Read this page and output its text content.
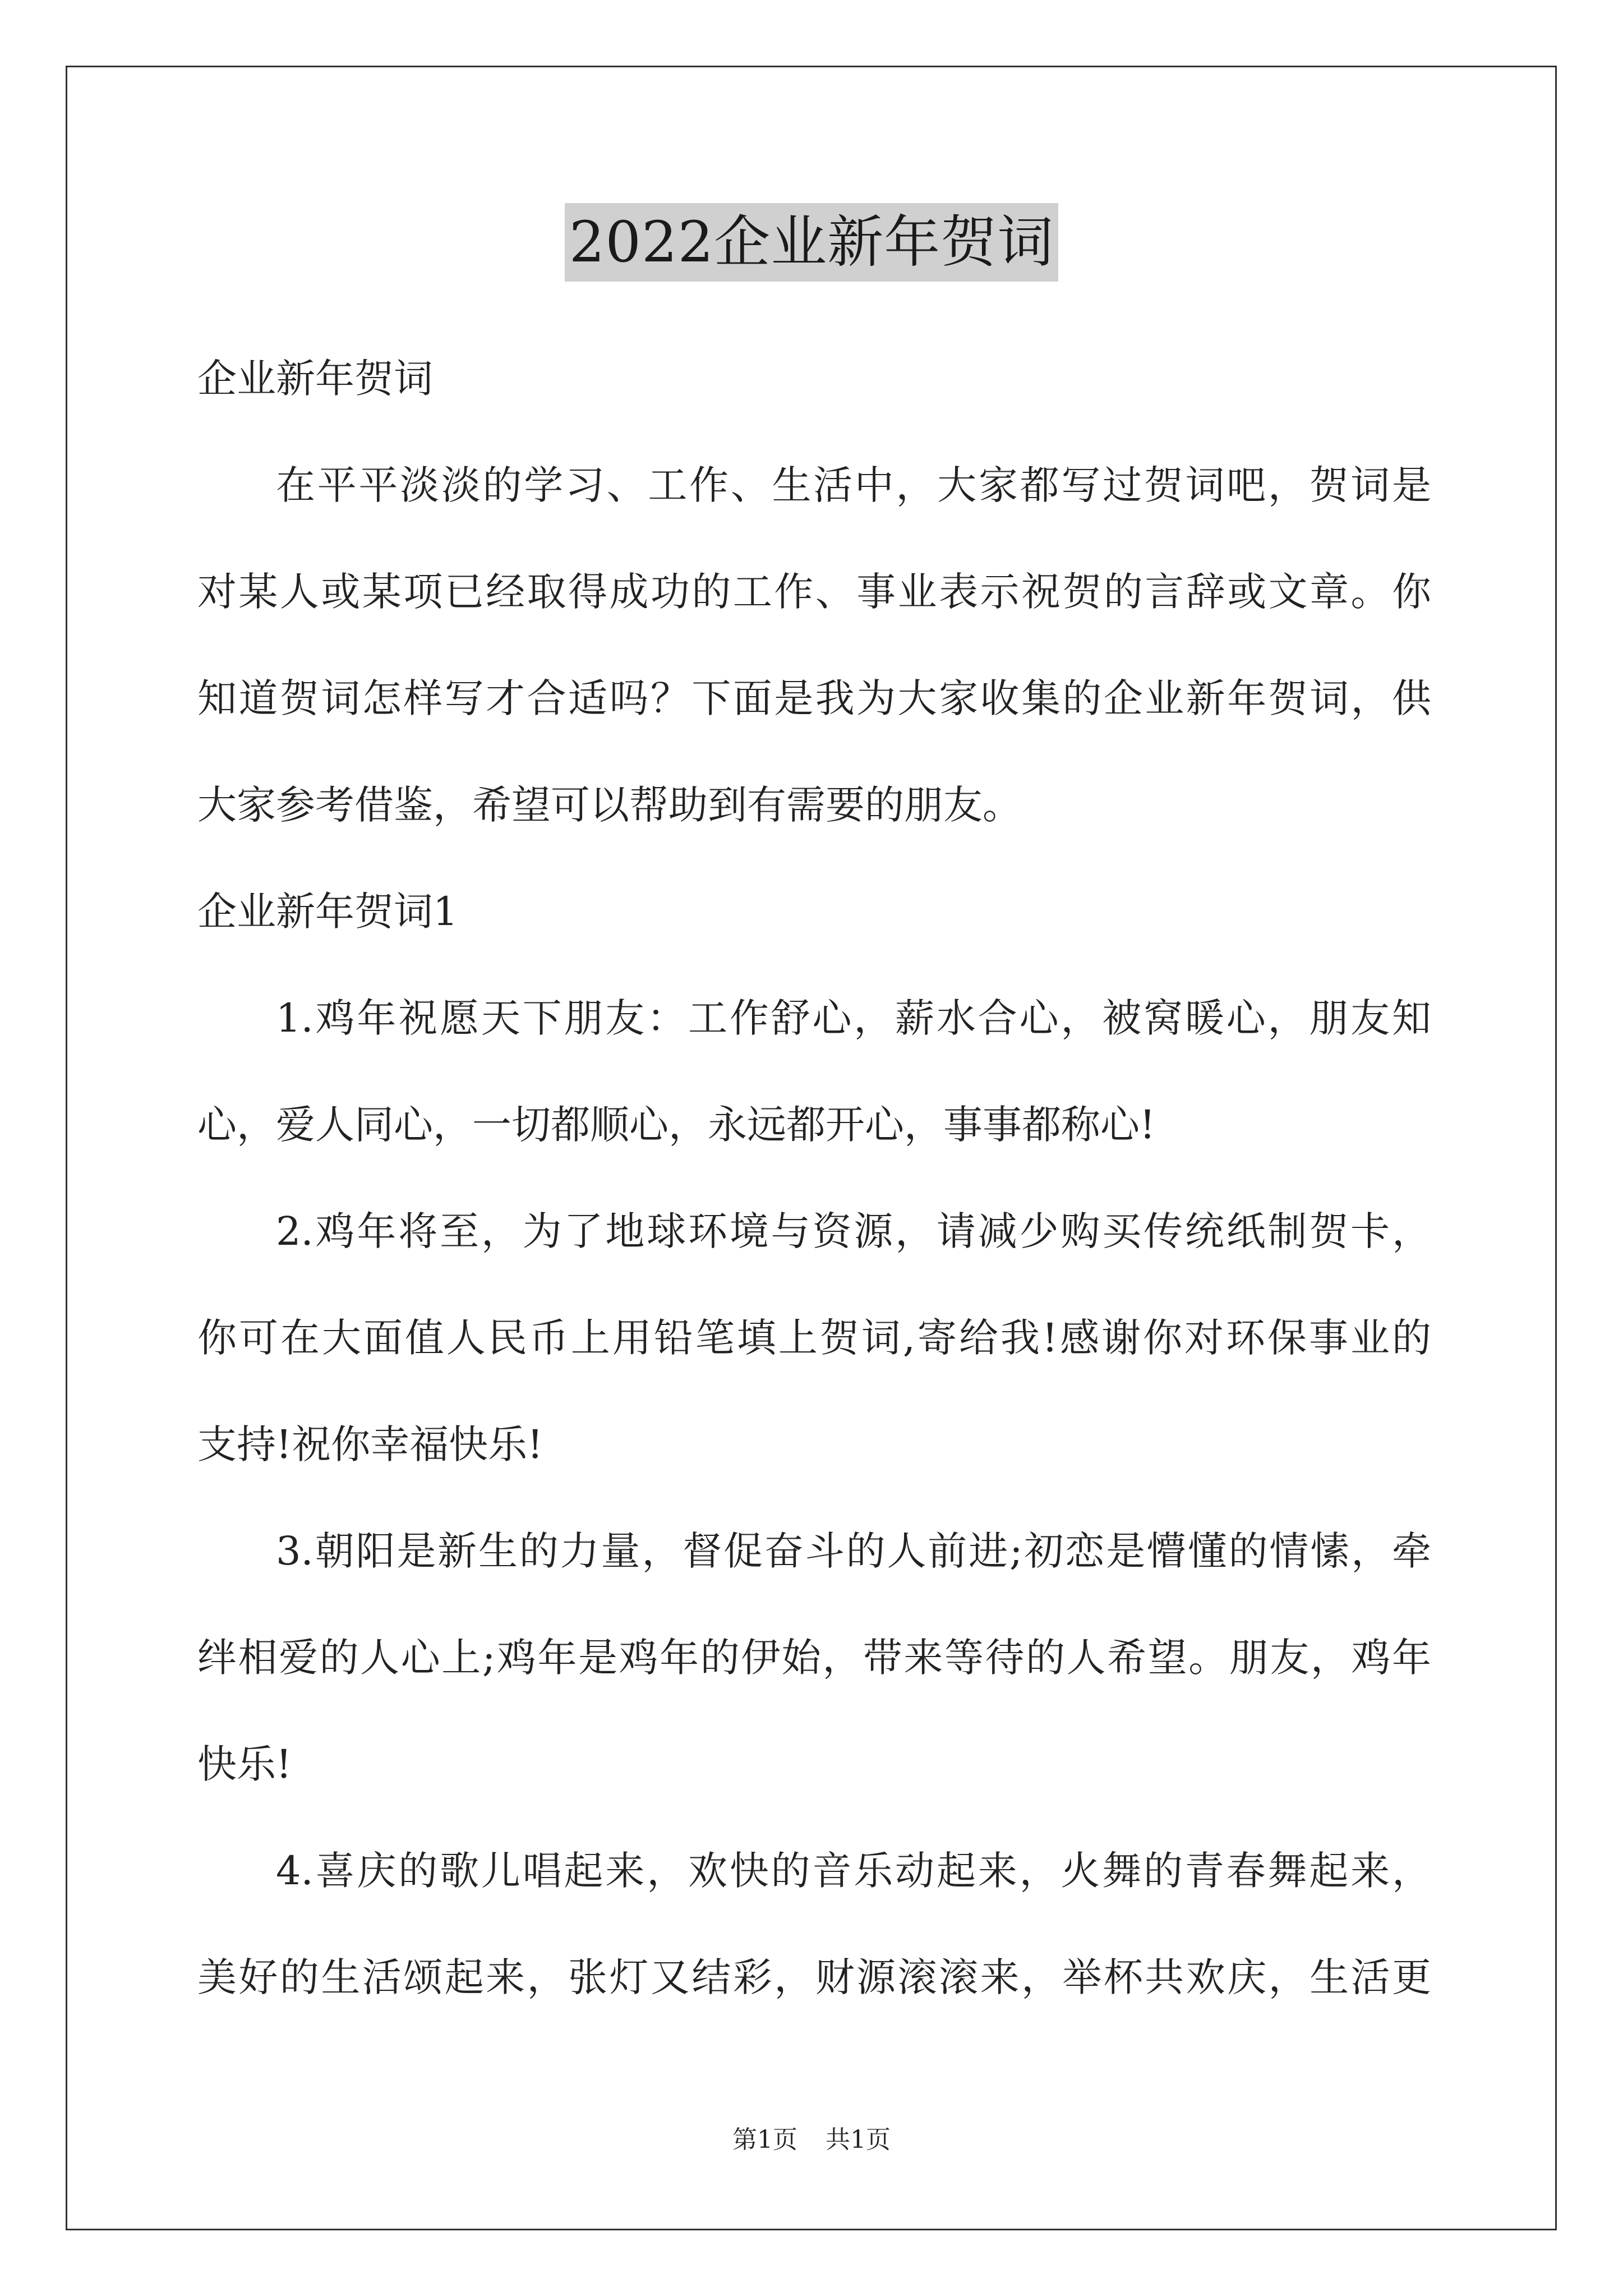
2022企业新年贺词
企业新年贺词
在平平淡淡的学习、工作、生活中，大家都写过贺词吧，贺词是
对某人或某项已经取得成功的工作、事业表示祝贺的言辞或文章。你
知道贺词怎样写才合适吗？下面是我为大家收集的企业新年贺词，供
大家参考借鉴，希望可以帮助到有需要的朋友。
企业新年贺词1
1.鸡年祝愿天下朋友：工作舒心，薪水合心，被窝暖心，朋友知
心，爱人同心，一切都顺心，永远都开心，事事都称心!
2.鸡年将至，为了地球环境与资源，请减少购买传统纸制贺卡，
你可在大面值人民币上用铅笔填上贺词,寄给我!感谢你对环保事业的
支持!祝你幸福快乐!
3.朝阳是新生的力量，督促奋斗的人前进;初恋是懵懂的情愫，牵
绊相爱的人心上;鸡年是鸡年的伊始，带来等待的人希望。朋友，鸡年
快乐!
4.喜庆的歌儿唱起来，欢快的音乐动起来，火舞的青春舞起来，
美好的生活颂起来，张灯又结彩，财源滚滚来，举杯共欢庆，生活更
第1页 共1页
